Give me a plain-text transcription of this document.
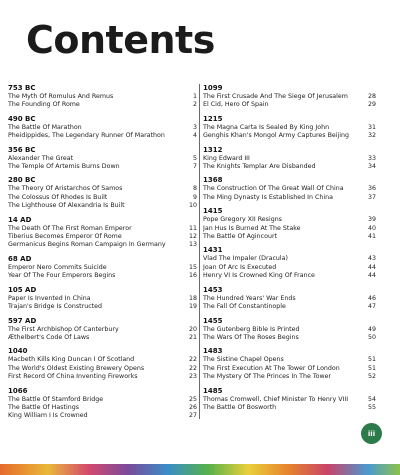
Contents
753 BC
The Myth Of Romulus And Remus	1
The Founding Of Rome	2
490 BC
The Battle Of Marathon	3
Pheidippides, The Legendary Runner Of Marathon	4
356 BC
Alexander The Great	5
The Temple Of Artemis Burns Down	7
280 BC
The Theory Of Aristarchos Of Samos	8
The Colossus Of Rhodes Is Built	9
The Lighthouse Of Alexandria Is Built	10
14 AD
The Death Of The First Roman Emperor	11
Tiberius Becomes Emperor Of Rome	12
Germanicus Begins Roman Campaign In Germany	13
68 AD
Emperor Nero Commits Suicide	15
Year Of The Four Emperors Begins	16
105 AD
Paper Is Invented In China	18
Trajan's Bridge Is Constructed	19
597 AD
The First Archbishop Of Canterbury	20
Æthelbert's Code Of Laws	21
1040
Macbeth Kills King Duncan I Of Scotland	22
The World's Oldest Existing Brewery Opens	22
First Record Of China Inventing Fireworks	23
1066
The Battle Of Stamford Bridge	25
The Battle Of Hastings	26
King William I Is Crowned	27
1099
The First Crusade And The Siege Of Jerusalem	28
El Cid, Hero Of Spain	29
1215
The Magna Carta Is Sealed By King John	31
Genghis Khan's Mongol Army Captures Beijing	32
1312
King Edward III	33
The Knights Templar Are Disbanded	34
1368
The Construction Of The Great Wall Of China	36
The Ming Dynasty Is Established In China	37
1415
Pope Gregory XII Resigns	39
Jan Hus Is Burned At The Stake	40
The Battle Of Agincourt	41
1431
Vlad The Impaler (Dracula)	43
Joan Of Arc Is Executed	44
Henry VI Is Crowned King Of France	44
1453
The Hundred Years' War Ends	46
The Fall Of Constantinople	47
1455
The Gutenberg Bible Is Printed	49
The Wars Of The Roses Begins	50
1483
The Sistine Chapel Opens	51
The First Execution At The Tower Of London	51
The Mystery Of The Princes In The Tower	52
1485
Thomas Cromwell, Chief Minister To Henry VIII	54
The Battle Of Bosworth	55
iii
